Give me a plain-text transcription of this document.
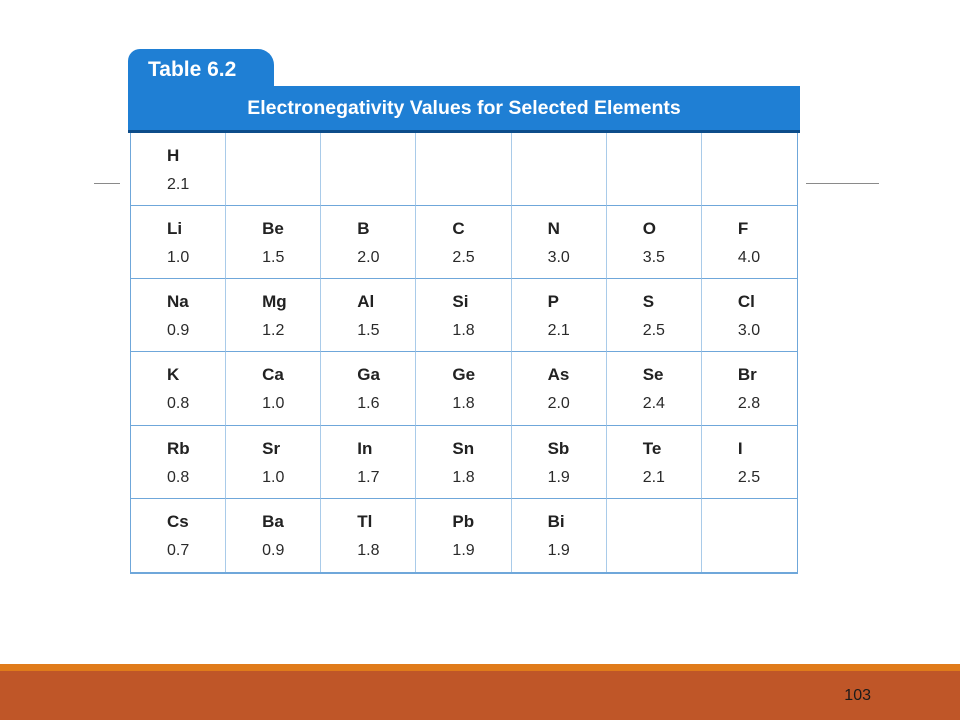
Table 6.2
Electronegativity Values for Selected Elements
H
2.1
Li
1.0
Be
1.5
B
2.0
C
2.5
N
3.0
O
3.5
F
4.0
Na
0.9
Mg
1.2
Al
1.5
Si
1.8
P
2.1
S
2.5
Cl
3.0
K
0.8
Ca
1.0
Ga
1.6
Ge
1.8
As
2.0
Se
2.4
Br
2.8
Rb
0.8
Sr
1.0
In
1.7
Sn
1.8
Sb
1.9
Te
2.1
I
2.5
Cs
0.7
Ba
0.9
Tl
1.8
Pb
1.9
Bi
1.9
103
